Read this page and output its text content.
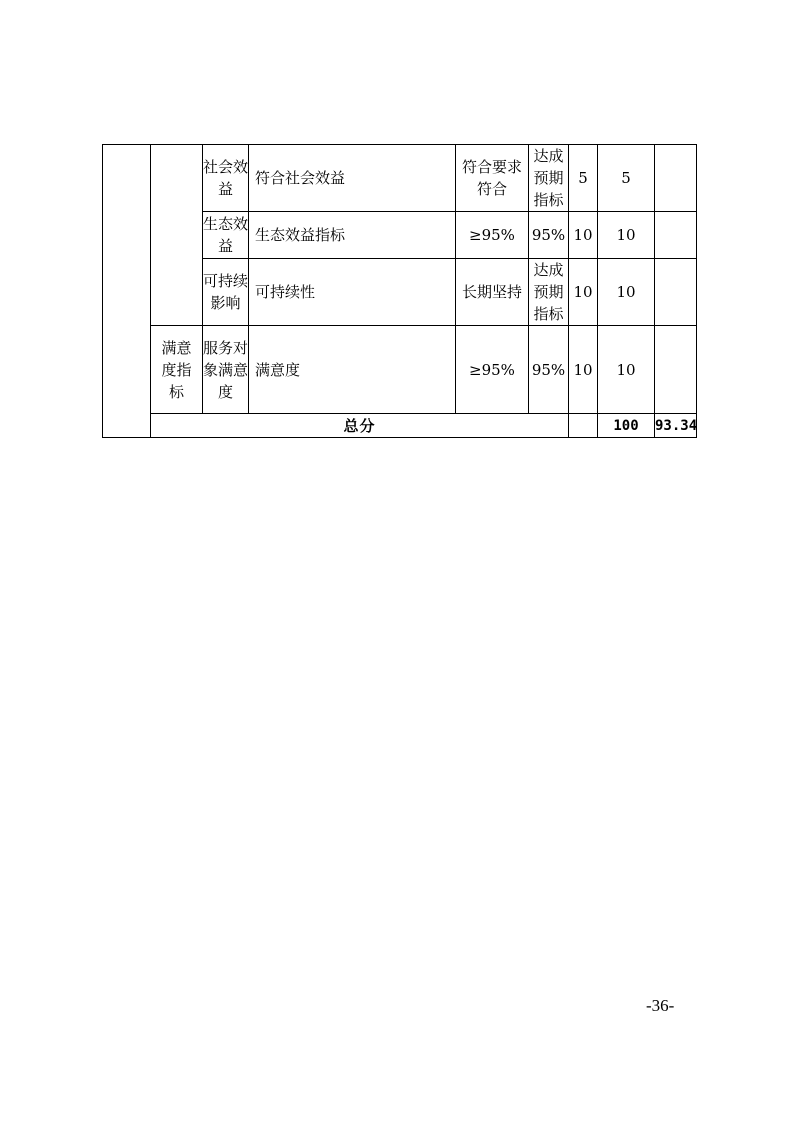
		社会效益	符合社会效益	符合要求符合	达成预期指标	5	5		
		生态效益	生态效益指标	≥95%	95%	10	10		
		可持续影响	可持续性	长期坚持	达成预期指标	10	10		
	满意度指标	服务对象满意度	满意度	≥95%	95%	10	10		
	总分						100	93.34	
-36-
